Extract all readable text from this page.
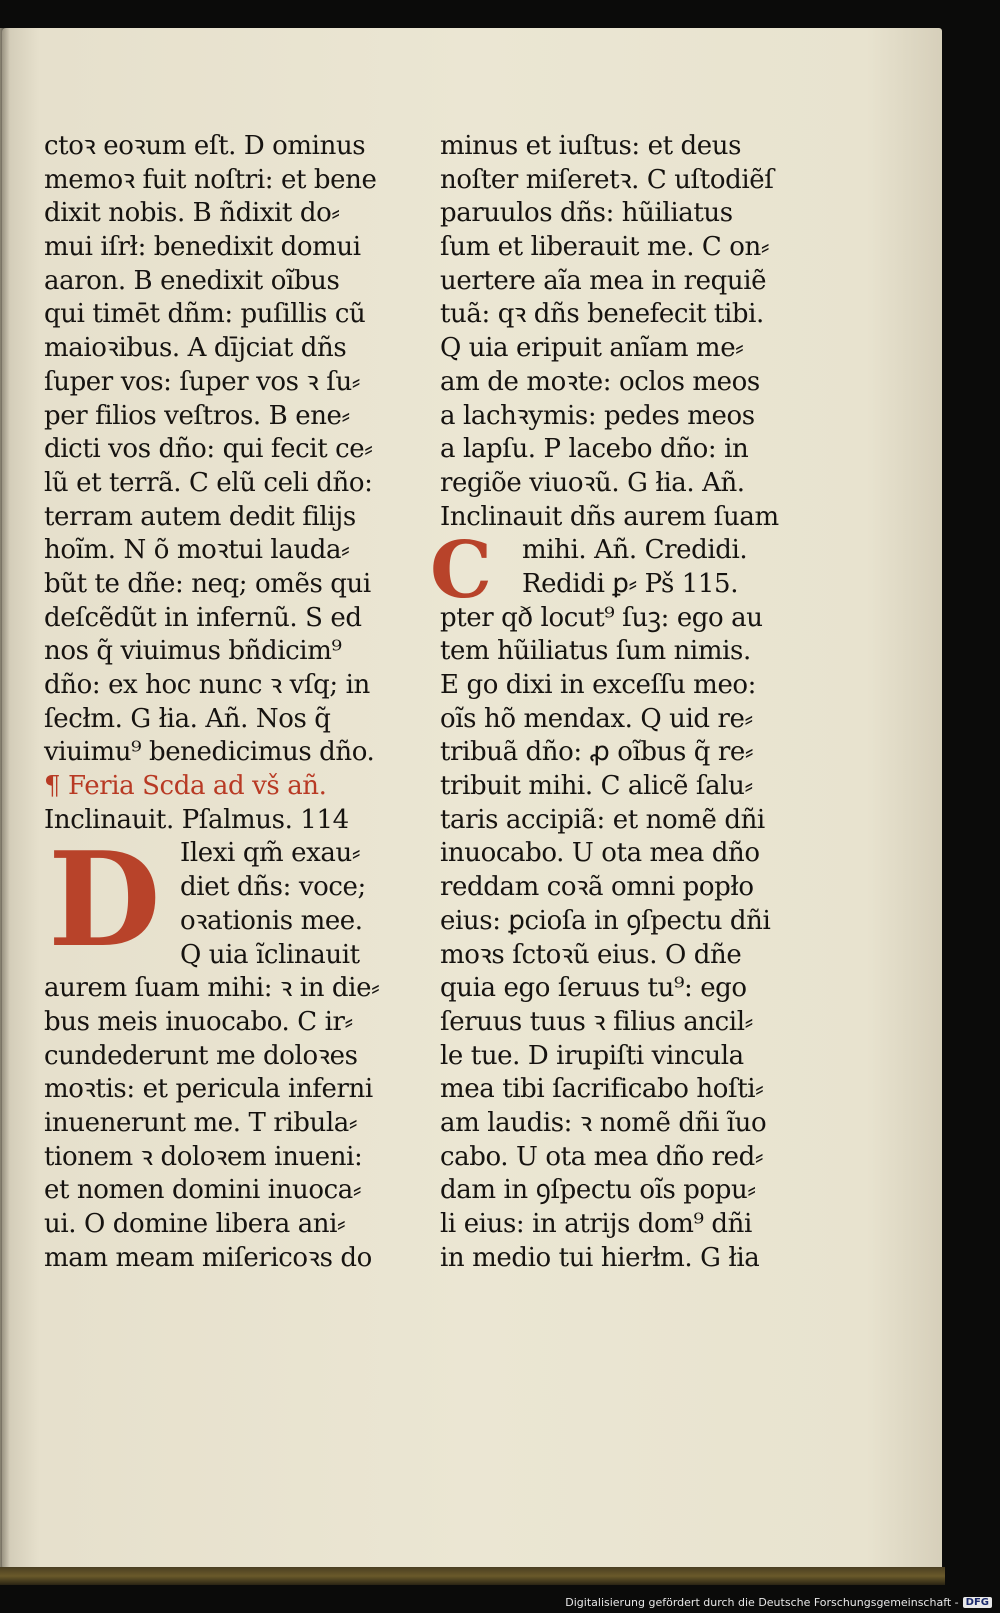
D
C
ctoꝛ eoꝛum eſt. D ominus
memoꝛ fuit noſtri: et bene
dixit nobis. B ñdixit do⸗
mui iſrł: benedixit domui
aaron. B enedixit oĩbus
qui timēt dñm: puſillis cũ
maioꝛibus. A dījciat dñs
ſuper vos: ſuper vos ꝛ ſu⸗
per filios veſtros. B ene⸗
dicti vos dño: qui fecit ce⸗
lũ et terrã. C elũ celi dño:
terram autem dedit filijs
hoĩm. N õ moꝛtui lauda⸗
bũt te dñe: neq; omẽs qui
deſcẽdũt in infernũ. S ed
nos q̃ viuimus bñdicim⁹
dño: ex hoc nunc ꝛ vſq; in
ſecłm. G łia. Añ. Nos q̃
viuimu⁹ benedicimus dño.
¶ Feria Scda ad vš añ.
Inclinauit. Pſalmus. 114
Ilexi qm̃ exau⸗
diet dñs: voce;
oꝛationis mee.
Q uia ĩclinauit
aurem ſuam mihi: ꝛ in die⸗
bus meis inuocabo. C ir⸗
cundederunt me doloꝛes
moꝛtis: et pericula inferni
inuenerunt me. T ribula⸗
tionem ꝛ doloꝛem inueni:
et nomen domini inuoca⸗
ui. O domine libera ani⸗
mam meam miſericoꝛs do
minus et iuſtus: et deus
noſter miſeretꝛ. C uſtodiẽſ
paruulos dñs: hũiliatus
ſum et liberauit me. C on⸗
uertere aĩa mea in requiẽ
tuã: qꝛ dñs benefecit tibi.
Q uia eripuit anĩam me⸗
am de moꝛte: oclos meos
a lachꝛymis: pedes meos
a lapſu. P lacebo dño: in
regiõe viuoꝛũ. G łia. Añ.
Inclinauit dñs aurem ſuam
mihi. Añ. Credidi.
Redidi ꝑ⸗ Pš 115.
pter qð locut⁹ ſuꝫ: ego au
tem hũiliatus ſum nimis.
E go dixi in exceſſu meo:
oĩs hõ mendax. Q uid re⸗
tribuã dño: ꝓ oĩbus q̃ re⸗
tribuit mihi. C alicẽ ſalu⸗
taris accipiã: et nomẽ dñi
inuocabo. U ota mea dño
reddam coꝛã omni popło
eius: ꝑcioſa in ꝯſpectu dñi
moꝛs ſctoꝛũ eius. O dñe
quia ego ſeruus tu⁹: ego
ſeruus tuus ꝛ filius ancil⸗
le tue. D irupiſti vincula
mea tibi ſacrificabo hoſti⸗
am laudis: ꝛ nomẽ dñi ĩuo
cabo. U ota mea dño red⸗
dam in ꝯſpectu oĩs popu⸗
li eius: in atrijs dom⁹ dñi
in medio tui hierłm. G łia
Digitalisierung gefördert durch die Deutsche Forschungsgemeinschaft - DFG
